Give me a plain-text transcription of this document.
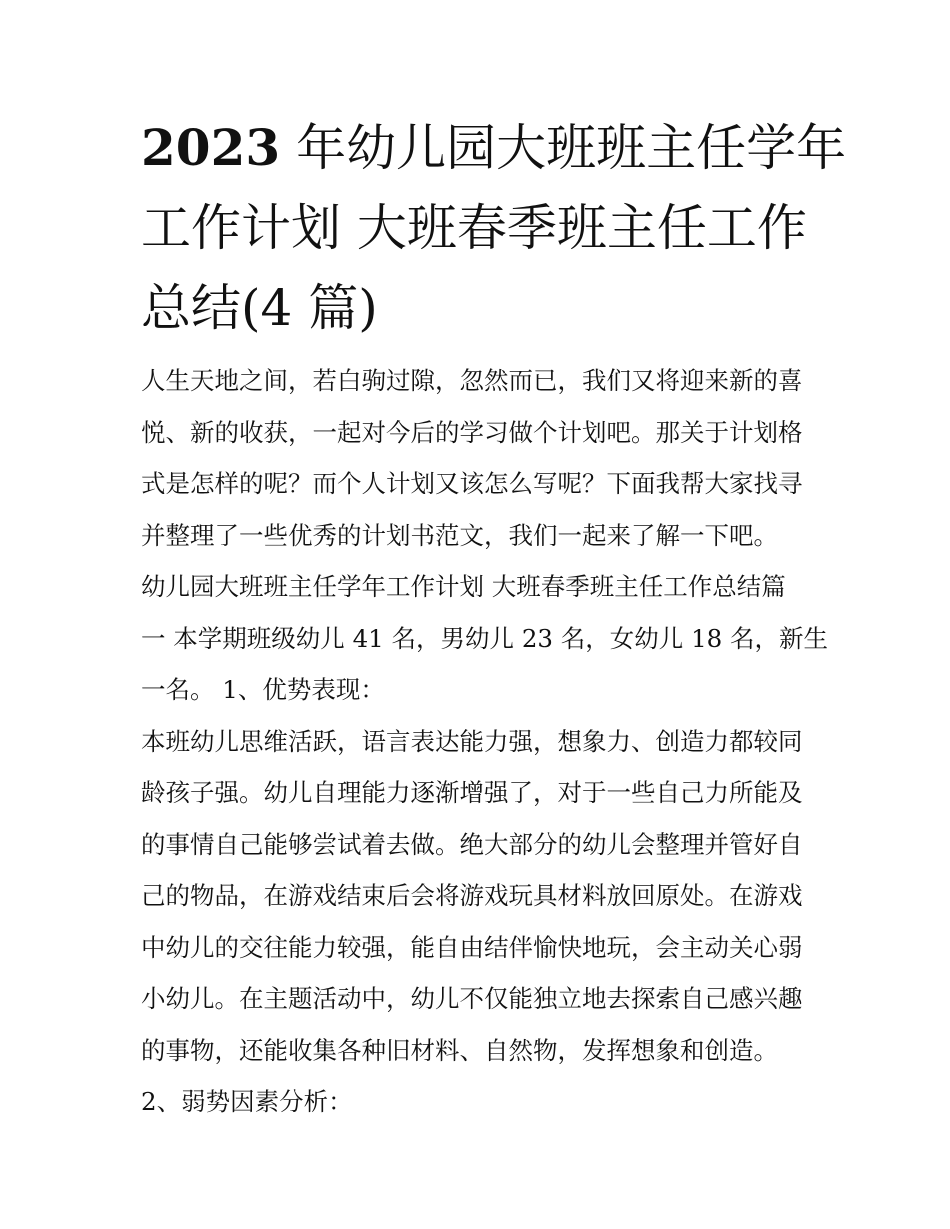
2023 年幼儿园大班班主任学年
工作计划 大班春季班主任工作
总结(4 篇)
人生天地之间，若白驹过隙，忽然而已，我们又将迎来新的喜
悦、新的收获，一起对今后的学习做个计划吧。那关于计划格
式是怎样的呢？而个人计划又该怎么写呢？下面我帮大家找寻
并整理了一些优秀的计划书范文，我们一起来了解一下吧。
幼儿园大班班主任学年工作计划 大班春季班主任工作总结篇
一 本学期班级幼儿 41 名，男幼儿 23 名，女幼儿 18 名，新生
一名。 1、优势表现：
本班幼儿思维活跃，语言表达能力强，想象力、创造力都较同
龄孩子强。幼儿自理能力逐渐增强了，对于一些自己力所能及
的事情自己能够尝试着去做。绝大部分的幼儿会整理并管好自
己的物品，在游戏结束后会将游戏玩具材料放回原处。在游戏
中幼儿的交往能力较强，能自由结伴愉快地玩，会主动关心弱
小幼儿。在主题活动中，幼儿不仅能独立地去探索自己感兴趣
的事物，还能收集各种旧材料、自然物，发挥想象和创造。
2、弱势因素分析：
